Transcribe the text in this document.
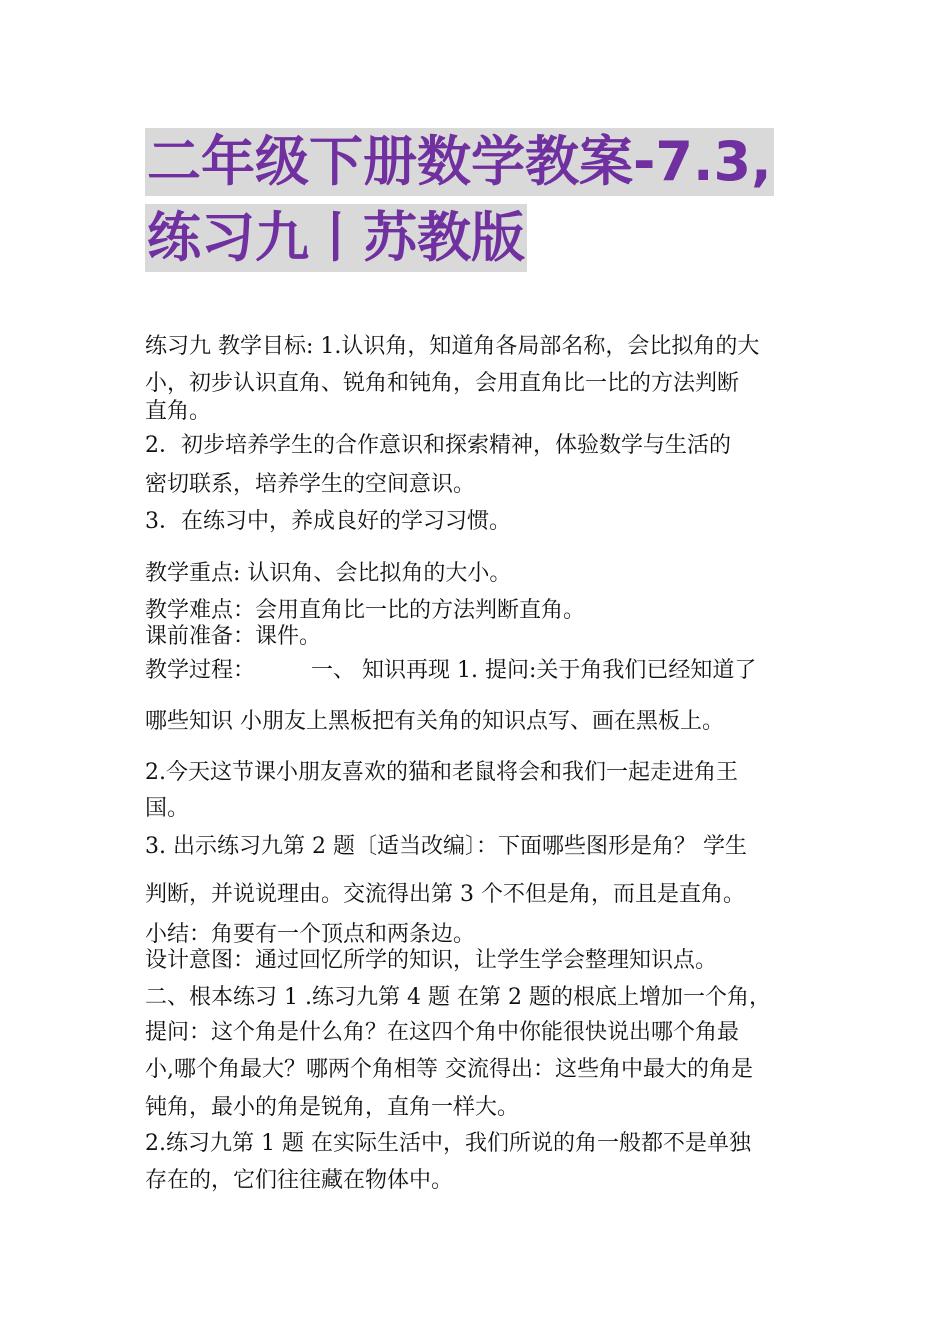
二年级下册数学教案-7.3,
练习九丨苏教版

练习九 教学目标: 1.认识角，知道角各局部名称，会比拟角的大

小，初步认识直角、锐角和钝角，会用直角比一比的方法判断

直角。

2．初步培养学生的合作意识和探索精神，体验数学与生活的

密切联系，培养学生的空间意识。

3．在练习中，养成良好的学习习惯。

教学重点: 认识角、会比拟角的大小。

教学难点：会用直角比一比的方法判断直角。

课前准备：课件。

教学过程：	一、 知识再现 1. 提问:关于角我们已经知道了

哪些知识 小朋友上黑板把有关角的知识点写、画在黑板上。

2.今天这节课小朋友喜欢的猫和老鼠将会和我们一起走进角王

国。

3. 出示练习九第 2 题〔适当改编〕：下面哪些图形是角？ 学生

判断，并说说理由。交流得出第 3 个不但是角，而且是直角。

小结：角要有一个顶点和两条边。

设计意图：通过回忆所学的知识，让学生学会整理知识点。

二、根本练习 1 .练习九第 4 题 在第 2 题的根底上增加一个角，

提问：这个角是什么角？在这四个角中你能很快说出哪个角最

小,哪个角最大？哪两个角相等 交流得出：这些角中最大的角是

钝角，最小的角是锐角，直角一样大。

2.练习九第 1 题 在实际生活中，我们所说的角一般都不是单独

存在的，它们往往藏在物体中。
